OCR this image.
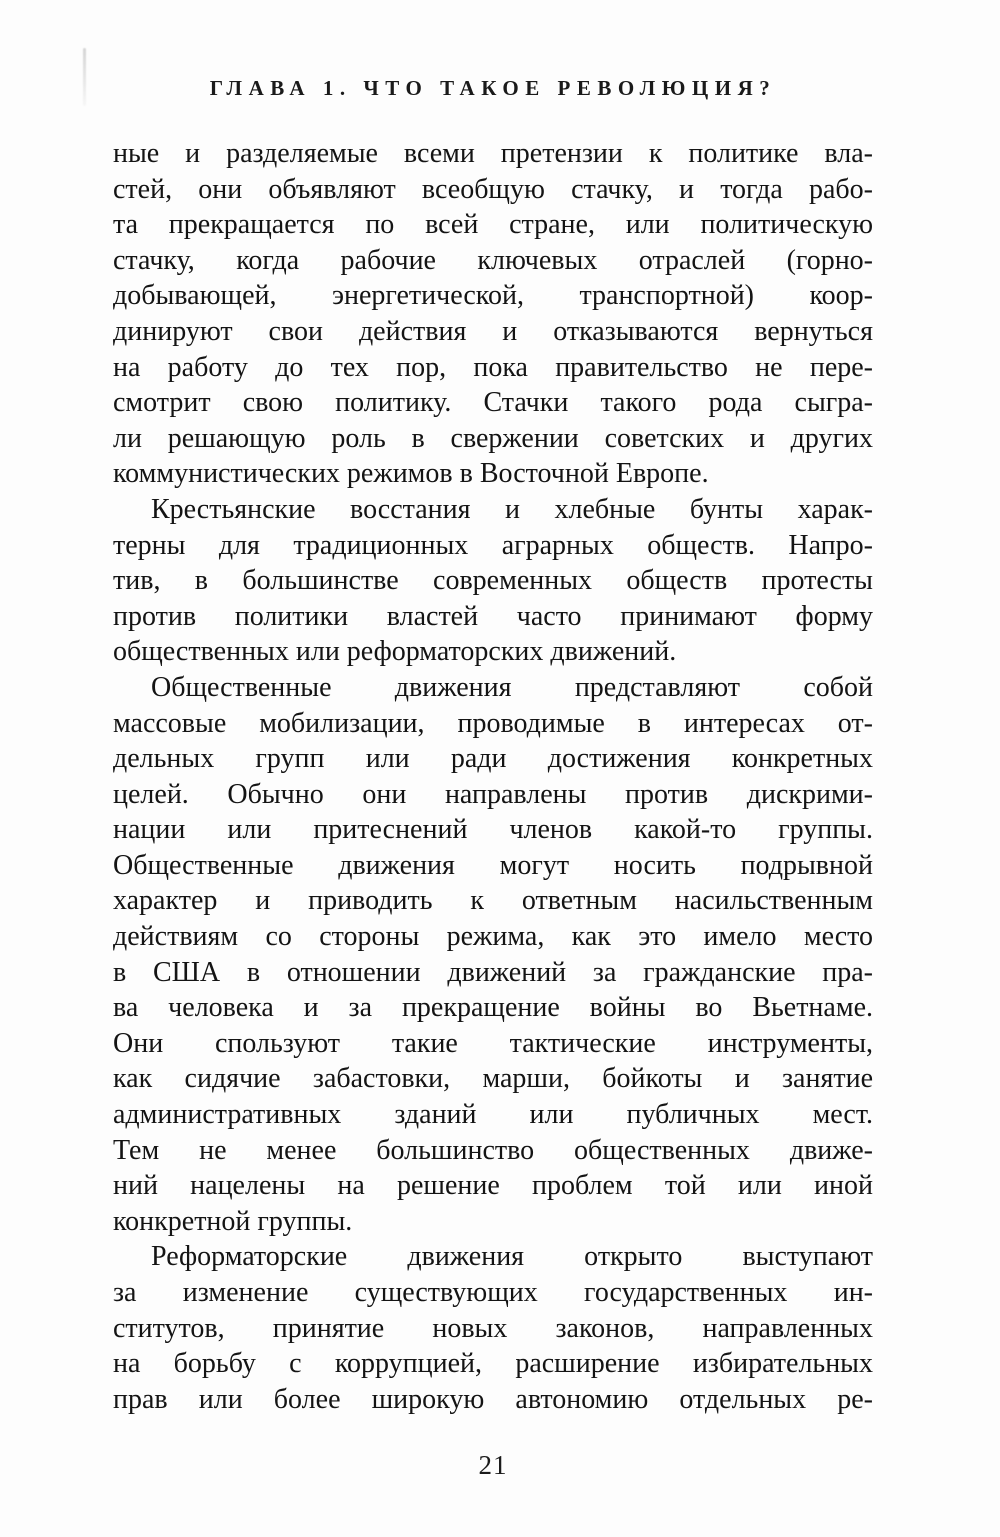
ГЛАВА 1. ЧТО ТАКОЕ РЕВОЛЮЦИЯ?
ные и разделяемые всеми претензии к политике вла-
стей, они объявляют всеобщую стачку, и тогда рабо-
та прекращается по всей стране, или политическую
стачку, когда рабочие ключевых отраслей (горно-
добывающей, энергетической, транспортной) коор-
динируют свои действия и отказываются вернуться
на работу до тех пор, пока правительство не пере-
смотрит свою политику. Стачки такого рода сыгра-
ли решающую роль в свержении советских и других
коммунистических режимов в Восточной Европе.
Крестьянские восстания и хлебные бунты харак-
терны для традиционных аграрных обществ. Напро-
тив, в большинстве современных обществ протесты
против политики властей часто принимают форму
общественных или реформаторских движений.
Общественные движения представляют собой
массовые мобилизации, проводимые в интересах от-
дельных групп или ради достижения конкретных
целей. Обычно они направлены против дискрими-
нации или притеснений членов какой-то группы.
Общественные движения могут носить подрывной
характер и приводить к ответным насильственным
действиям со стороны режима, как это имело место
в США в отношении движений за гражданские пра-
ва человека и за прекращение войны во Вьетнаме.
Они спользуют такие тактические инструменты,
как сидячие забастовки, марши, бойкоты и занятие
административных зданий или публичных мест.
Тем не менее большинство общественных движе-
ний нацелены на решение проблем той или иной
конкретной группы.
Реформаторские движения открыто выступают
за изменение существующих государственных ин-
ститутов, принятие новых законов, направленных
на борьбу с коррупцией, расширение избирательных
прав или более широкую автономию отдельных ре-
21
